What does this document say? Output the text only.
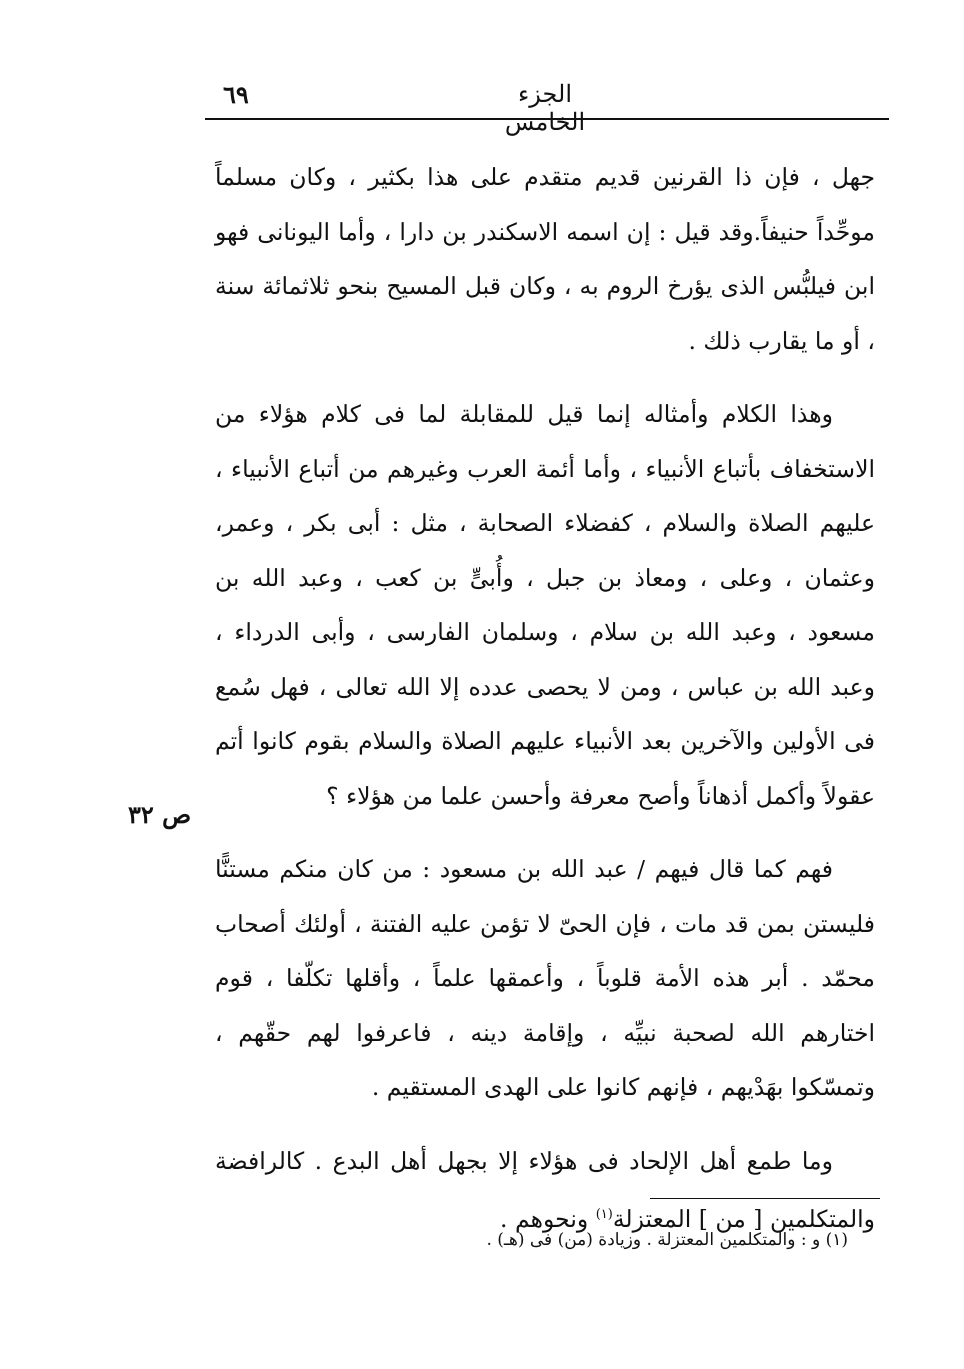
٦٩	الجزء الخامس
ص ٣٢

جهل ، فإن ذا القرنين قديم متقدم على هذا بكثير ، وكان مسلماً موحِّداً حنيفاً.وقد قيل : إن اسمه الاسكندر بن دارا ، وأما اليونانى فهو ابن فيلبُّس الذى يؤرخ الروم به ، وكان قبل المسيح بنحو ثلاثمائة سنة ، أو ما يقارب ذلك .

وهذا الكلام وأمثاله إنما قيل للمقابلة لما فى كلام هؤلاء من الاستخفاف بأتباع الأنبياء ، وأما أئمة العرب وغيرهم من أتباع الأنبياء ، عليهم الصلاة والسلام ، كفضلاء الصحابة ، مثل : أبى بكر ، وعمر، وعثمان ، وعلى ، ومعاذ بن جبل ، وأُبىٍّ بن كعب ، وعبد الله بن مسعود ، وعبد الله بن سلام ، وسلمان الفارسى ، وأبى الدرداء ، وعبد الله بن عباس ، ومن لا يحصى عدده إلا الله تعالى ، فهل سُمع فى الأولين والآخرين بعد الأنبياء عليهم الصلاة والسلام بقوم كانوا أتم عقولاً وأكمل أذهاناً وأصح معرفة وأحسن علما من هؤلاء ؟

فهم كما قال فيهم / عبد الله بن مسعود : من كان منكم مستنًّا فليستن بمن قد مات ، فإن الحىّ لا تؤمن عليه الفتنة ، أولئك أصحاب محمّد . أبر هذه الأمة قلوباً ، وأعمقها علماً ، وأقلها تكلّفا ، قوم اختارهم الله لصحبة نبيِّه ، وإقامة دينه ، فاعرفوا لهم حقّهم ، وتمسّكوا بهَدْيهم ، فإنهم كانوا على الهدى المستقيم .

وما طمع أهل الإلحاد فى هؤلاء إلا بجهل أهل البدع . كالرافضة والمتكلمين [ من ] المعتزلة$^{(١)}$ ونحوهم .

(١) و : والمتكلمين المعتزلة . وزيادة (من) فى (هـ) .
